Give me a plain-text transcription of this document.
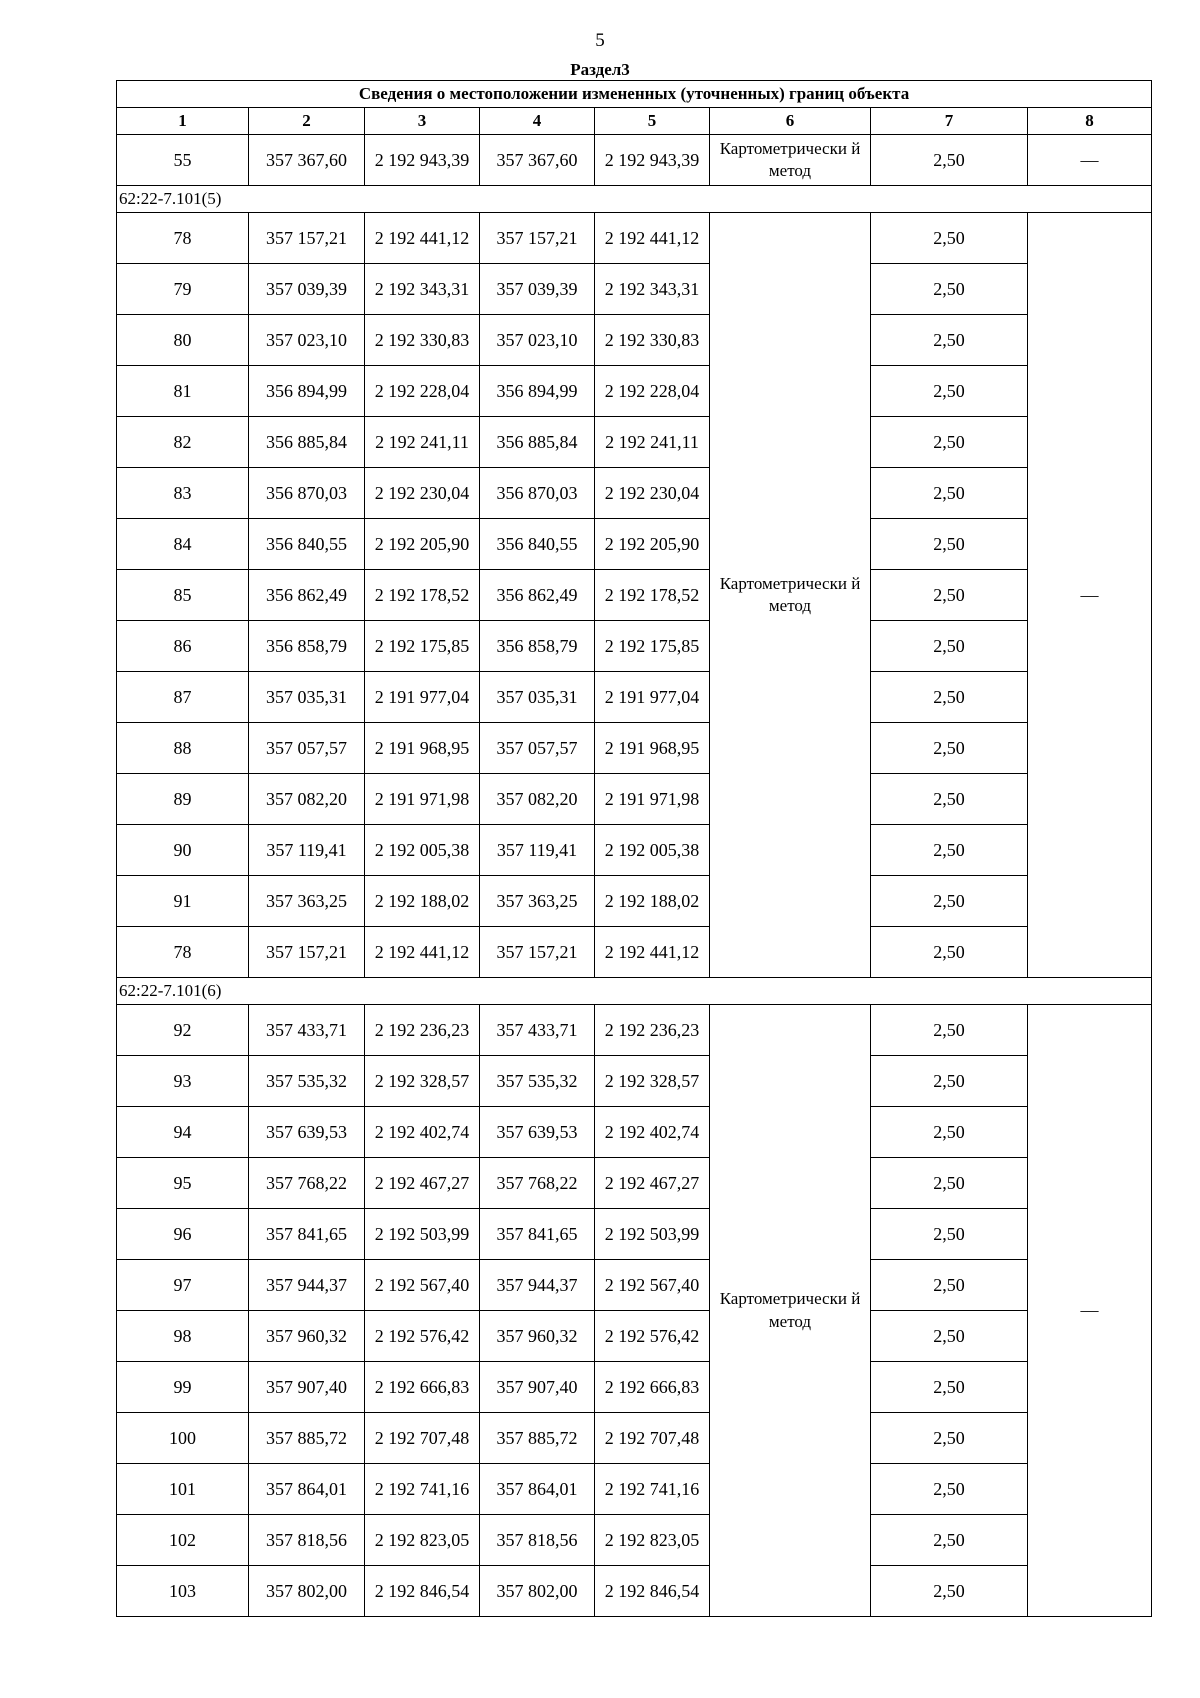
5
Раздел3
Сведения о местоположении измененных (уточненных) границ объекта							
1	2	3	4	5	6	7	8
55	357 367,60	2 192 943,39	357 367,60	2 192 943,39	Картометрически й метод	2,50	—
62:22-7.101(5)							
78	357 157,21	2 192 441,12	357 157,21	2 192 441,12	Картометрически й метод	2,50	—
79	357 039,39	2 192 343,31	357 039,39	2 192 343,31		2,50	
80	357 023,10	2 192 330,83	357 023,10	2 192 330,83		2,50	
81	356 894,99	2 192 228,04	356 894,99	2 192 228,04		2,50	
82	356 885,84	2 192 241,11	356 885,84	2 192 241,11		2,50	
83	356 870,03	2 192 230,04	356 870,03	2 192 230,04		2,50	
84	356 840,55	2 192 205,90	356 840,55	2 192 205,90		2,50	
85	356 862,49	2 192 178,52	356 862,49	2 192 178,52		2,50	
86	356 858,79	2 192 175,85	356 858,79	2 192 175,85		2,50	
87	357 035,31	2 191 977,04	357 035,31	2 191 977,04		2,50	
88	357 057,57	2 191 968,95	357 057,57	2 191 968,95		2,50	
89	357 082,20	2 191 971,98	357 082,20	2 191 971,98		2,50	
90	357 119,41	2 192 005,38	357 119,41	2 192 005,38		2,50	
91	357 363,25	2 192 188,02	357 363,25	2 192 188,02		2,50	
78	357 157,21	2 192 441,12	357 157,21	2 192 441,12		2,50	
62:22-7.101(6)							
92	357 433,71	2 192 236,23	357 433,71	2 192 236,23	Картометрически й метод	2,50	—
93	357 535,32	2 192 328,57	357 535,32	2 192 328,57		2,50	
94	357 639,53	2 192 402,74	357 639,53	2 192 402,74		2,50	
95	357 768,22	2 192 467,27	357 768,22	2 192 467,27		2,50	
96	357 841,65	2 192 503,99	357 841,65	2 192 503,99		2,50	
97	357 944,37	2 192 567,40	357 944,37	2 192 567,40		2,50	
98	357 960,32	2 192 576,42	357 960,32	2 192 576,42		2,50	
99	357 907,40	2 192 666,83	357 907,40	2 192 666,83		2,50	
100	357 885,72	2 192 707,48	357 885,72	2 192 707,48		2,50	
101	357 864,01	2 192 741,16	357 864,01	2 192 741,16		2,50	
102	357 818,56	2 192 823,05	357 818,56	2 192 823,05		2,50	
103	357 802,00	2 192 846,54	357 802,00	2 192 846,54		2,50	
